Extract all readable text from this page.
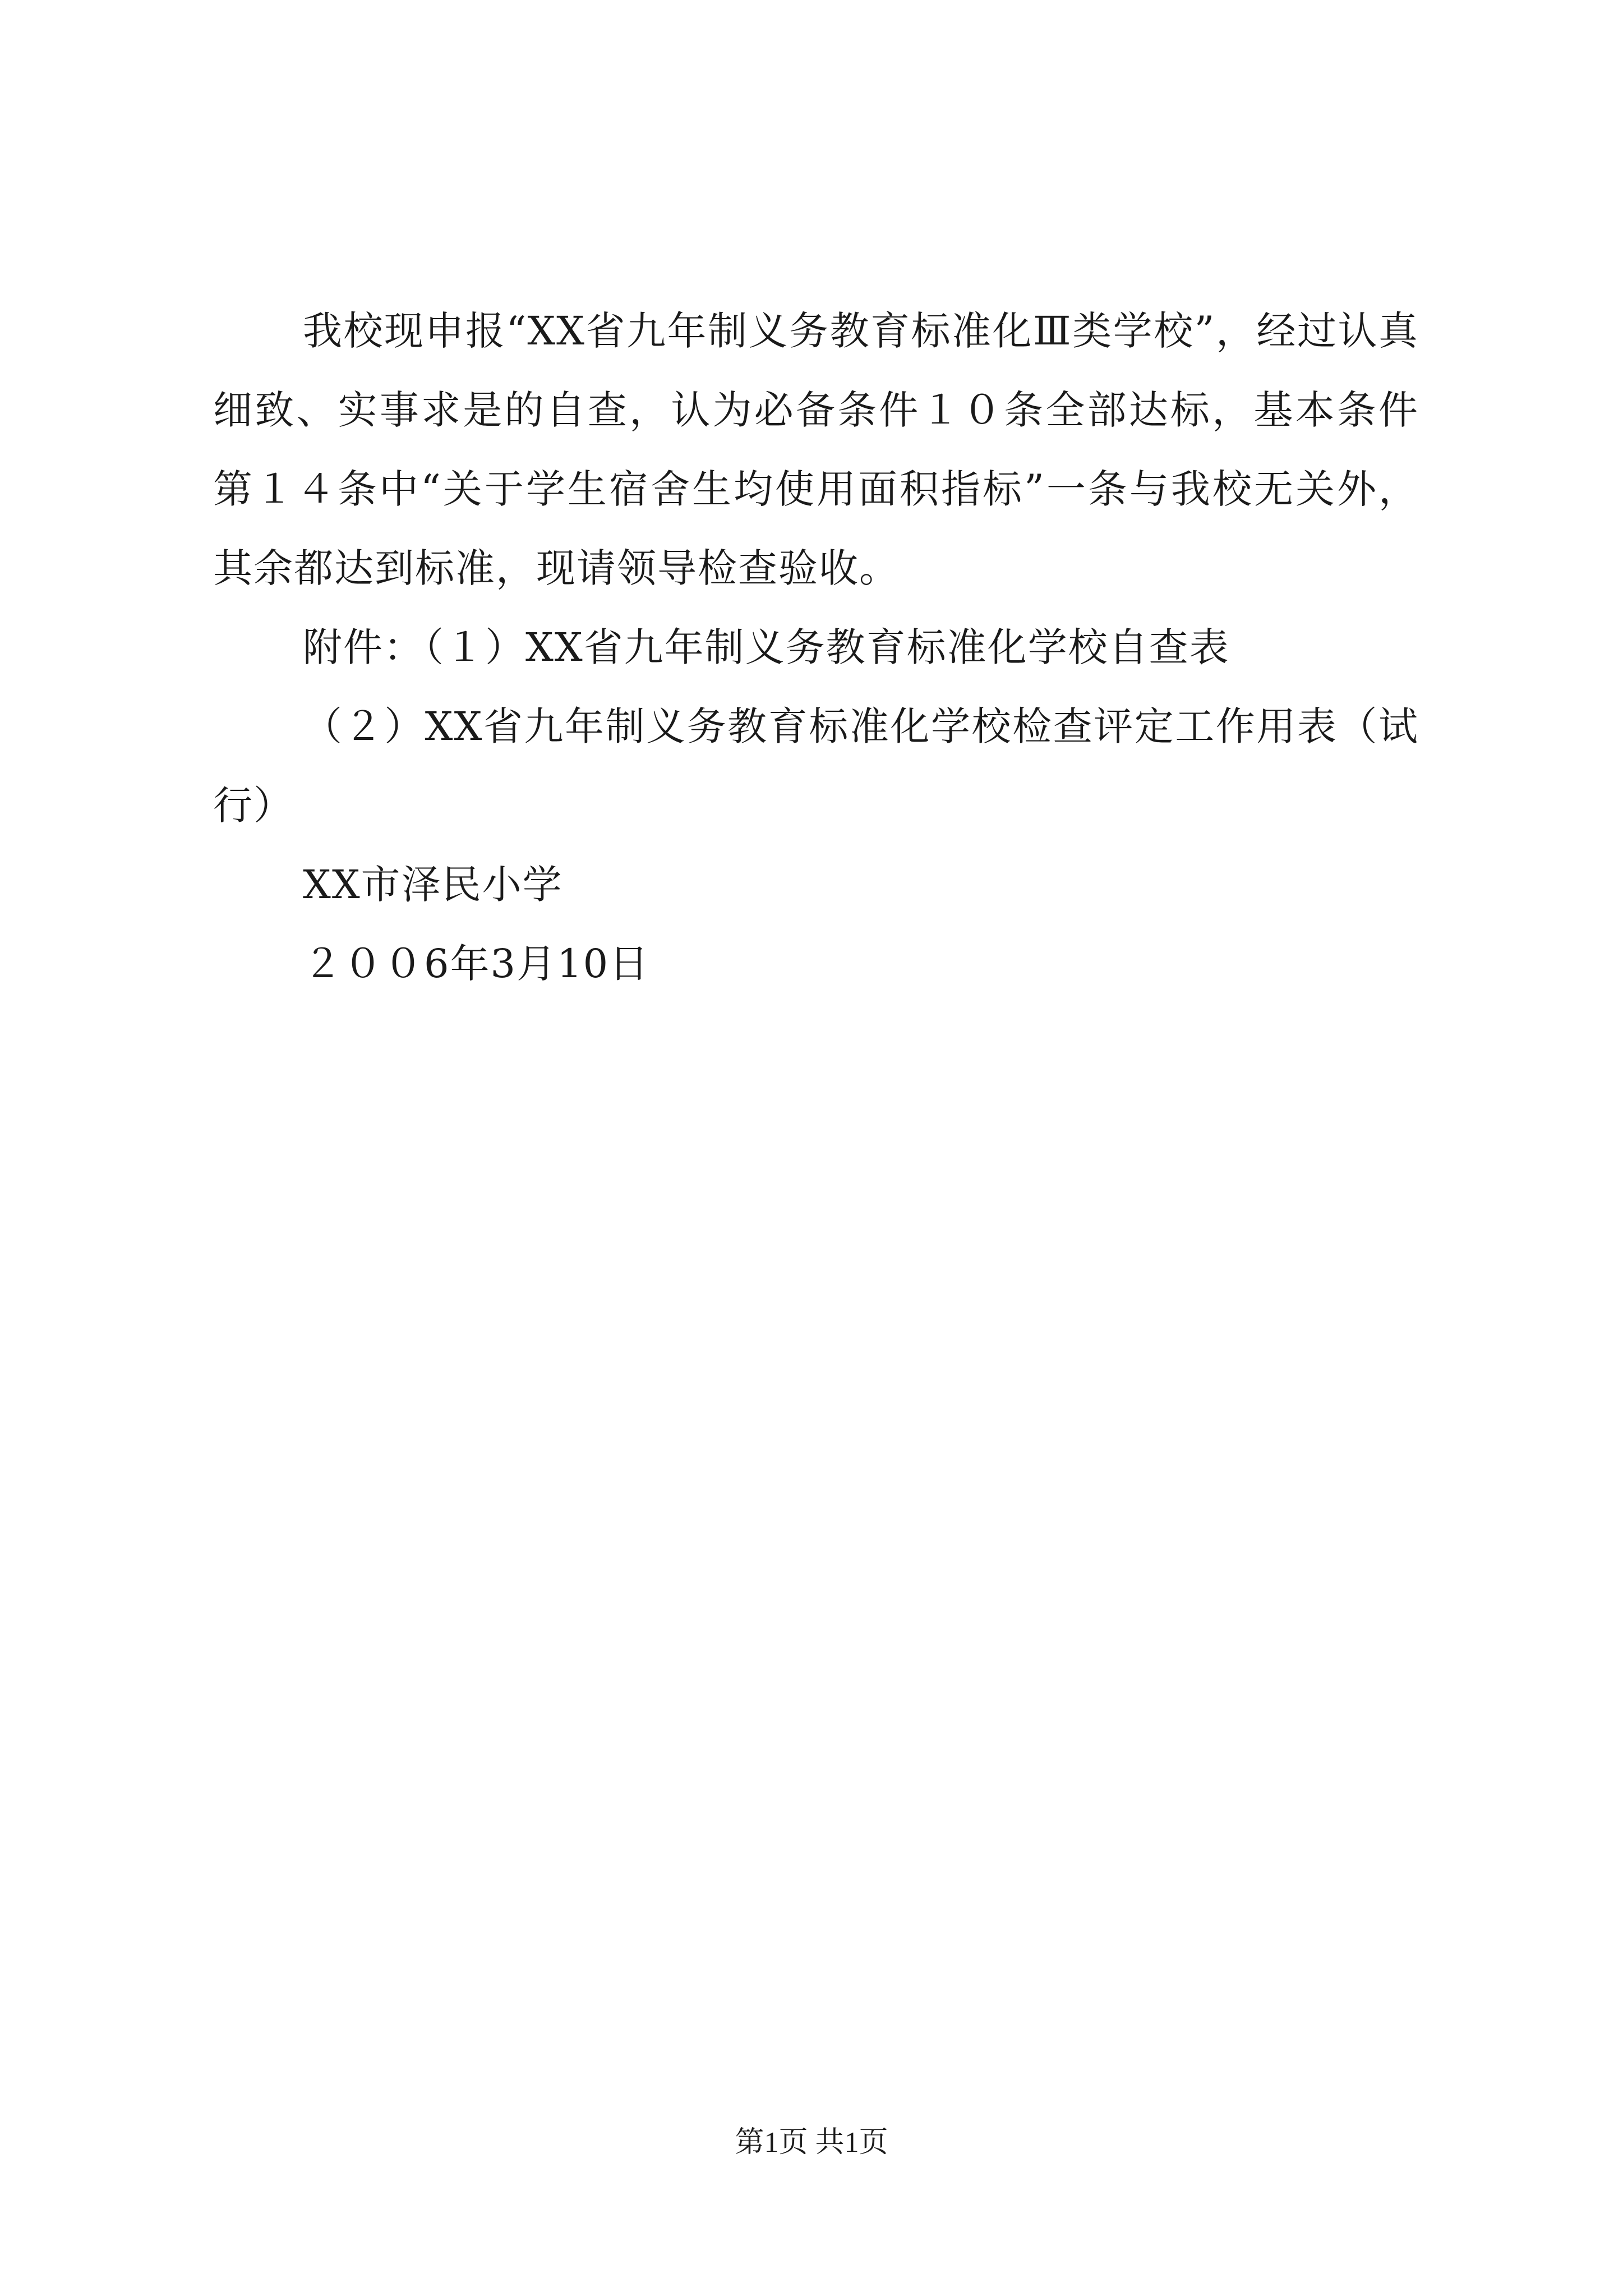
我校现申报“XX省九年制义务教育标准化Ⅲ类学校”，经过认真细致、实事求是的自查，认为必备条件１０条全部达标，基本条件第１４条中“关于学生宿舍生均使用面积指标”一条与我校无关外，其余都达到标准，现请领导检查验收。

附件：（１）XX省九年制义务教育标准化学校自查表

（２）XX省九年制义务教育标准化学校检查评定工作用表（试行）

XX市泽民小学

２００6年3月10日

第1页 共1页
